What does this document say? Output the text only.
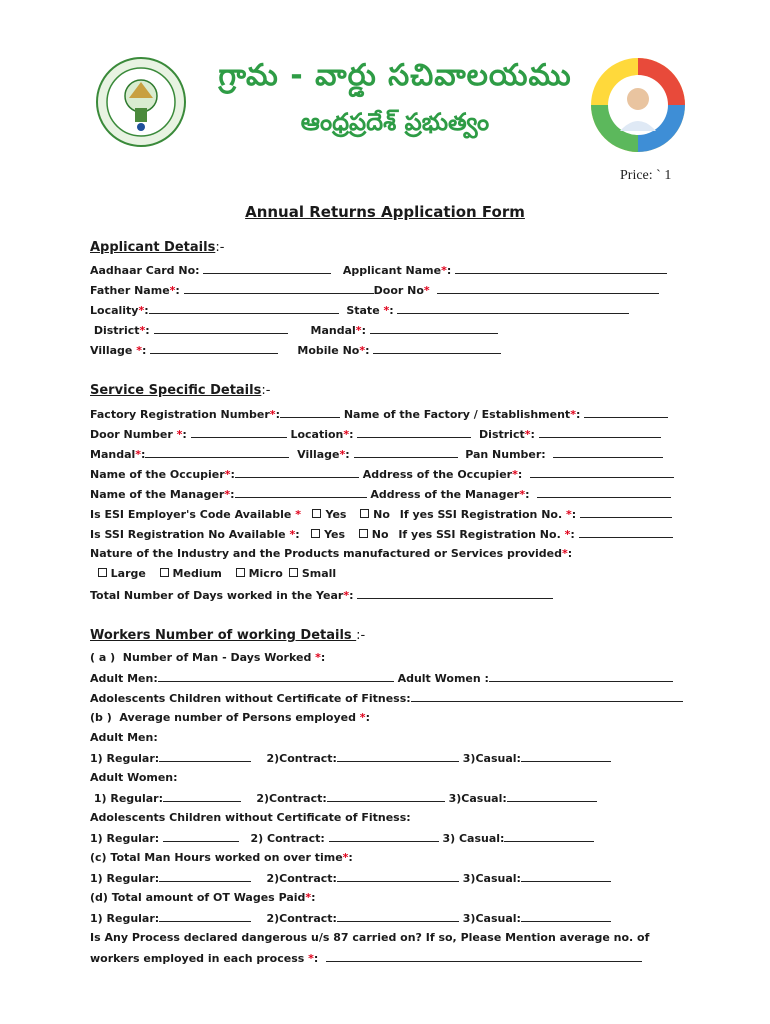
గ్రామ - వార్డు సచివాలయము
ఆంధ్రప్రదేశ్ ప్రభుత్వం
Price: ` 1
Annual Returns Application Form
Applicant Details:-
Aadhaar Card No:	Applicant Name*:
Father Name*:	Door No*
Locality*:	State *:
District*:	Mandal*:
Village *:	Mobile No*:
Service Specific Details:-
Factory Registration Number*:	Name of the Factory / Establishment*:
Door Number *:	Location*:	District*:
Mandal*:	Village*:	Pan Number:
Name of the Occupier*:	Address of the Occupier*:
Name of the Manager*:	Address of the Manager*:
Is ESI Employer's Code Available * Yes No If yes SSI Registration No. *:
Is SSI Registration No Available *:   Yes No If yes SSI Registration No. *:
Nature of the Industry and the Products manufactured or Services provided*:
Large Medium Micro Small
Total Number of Days worked in the Year*:
Workers Number of working Details :-
( a )  Number of Man - Days Worked *:
Adult Men:	Adult Women :
Adolescents Children without Certificate of Fitness:
(b )  Average number of Persons employed *:
Adult Men:
1) Regular:	2)Contract:	3)Casual:
Adult Women:
1) Regular:	2)Contract:	3)Casual:
Adolescents Children without Certificate of Fitness:
1) Regular:	2) Contract:	3) Casual:
(c) Total Man Hours worked on over time*:
1) Regular:	2)Contract:	3)Casual:
(d) Total amount of OT Wages Paid*:
1) Regular:	2)Contract:	3)Casual:
Is Any Process declared dangerous u/s 87 carried on? If so, Please Mention average no. of
workers employed in each process *:
